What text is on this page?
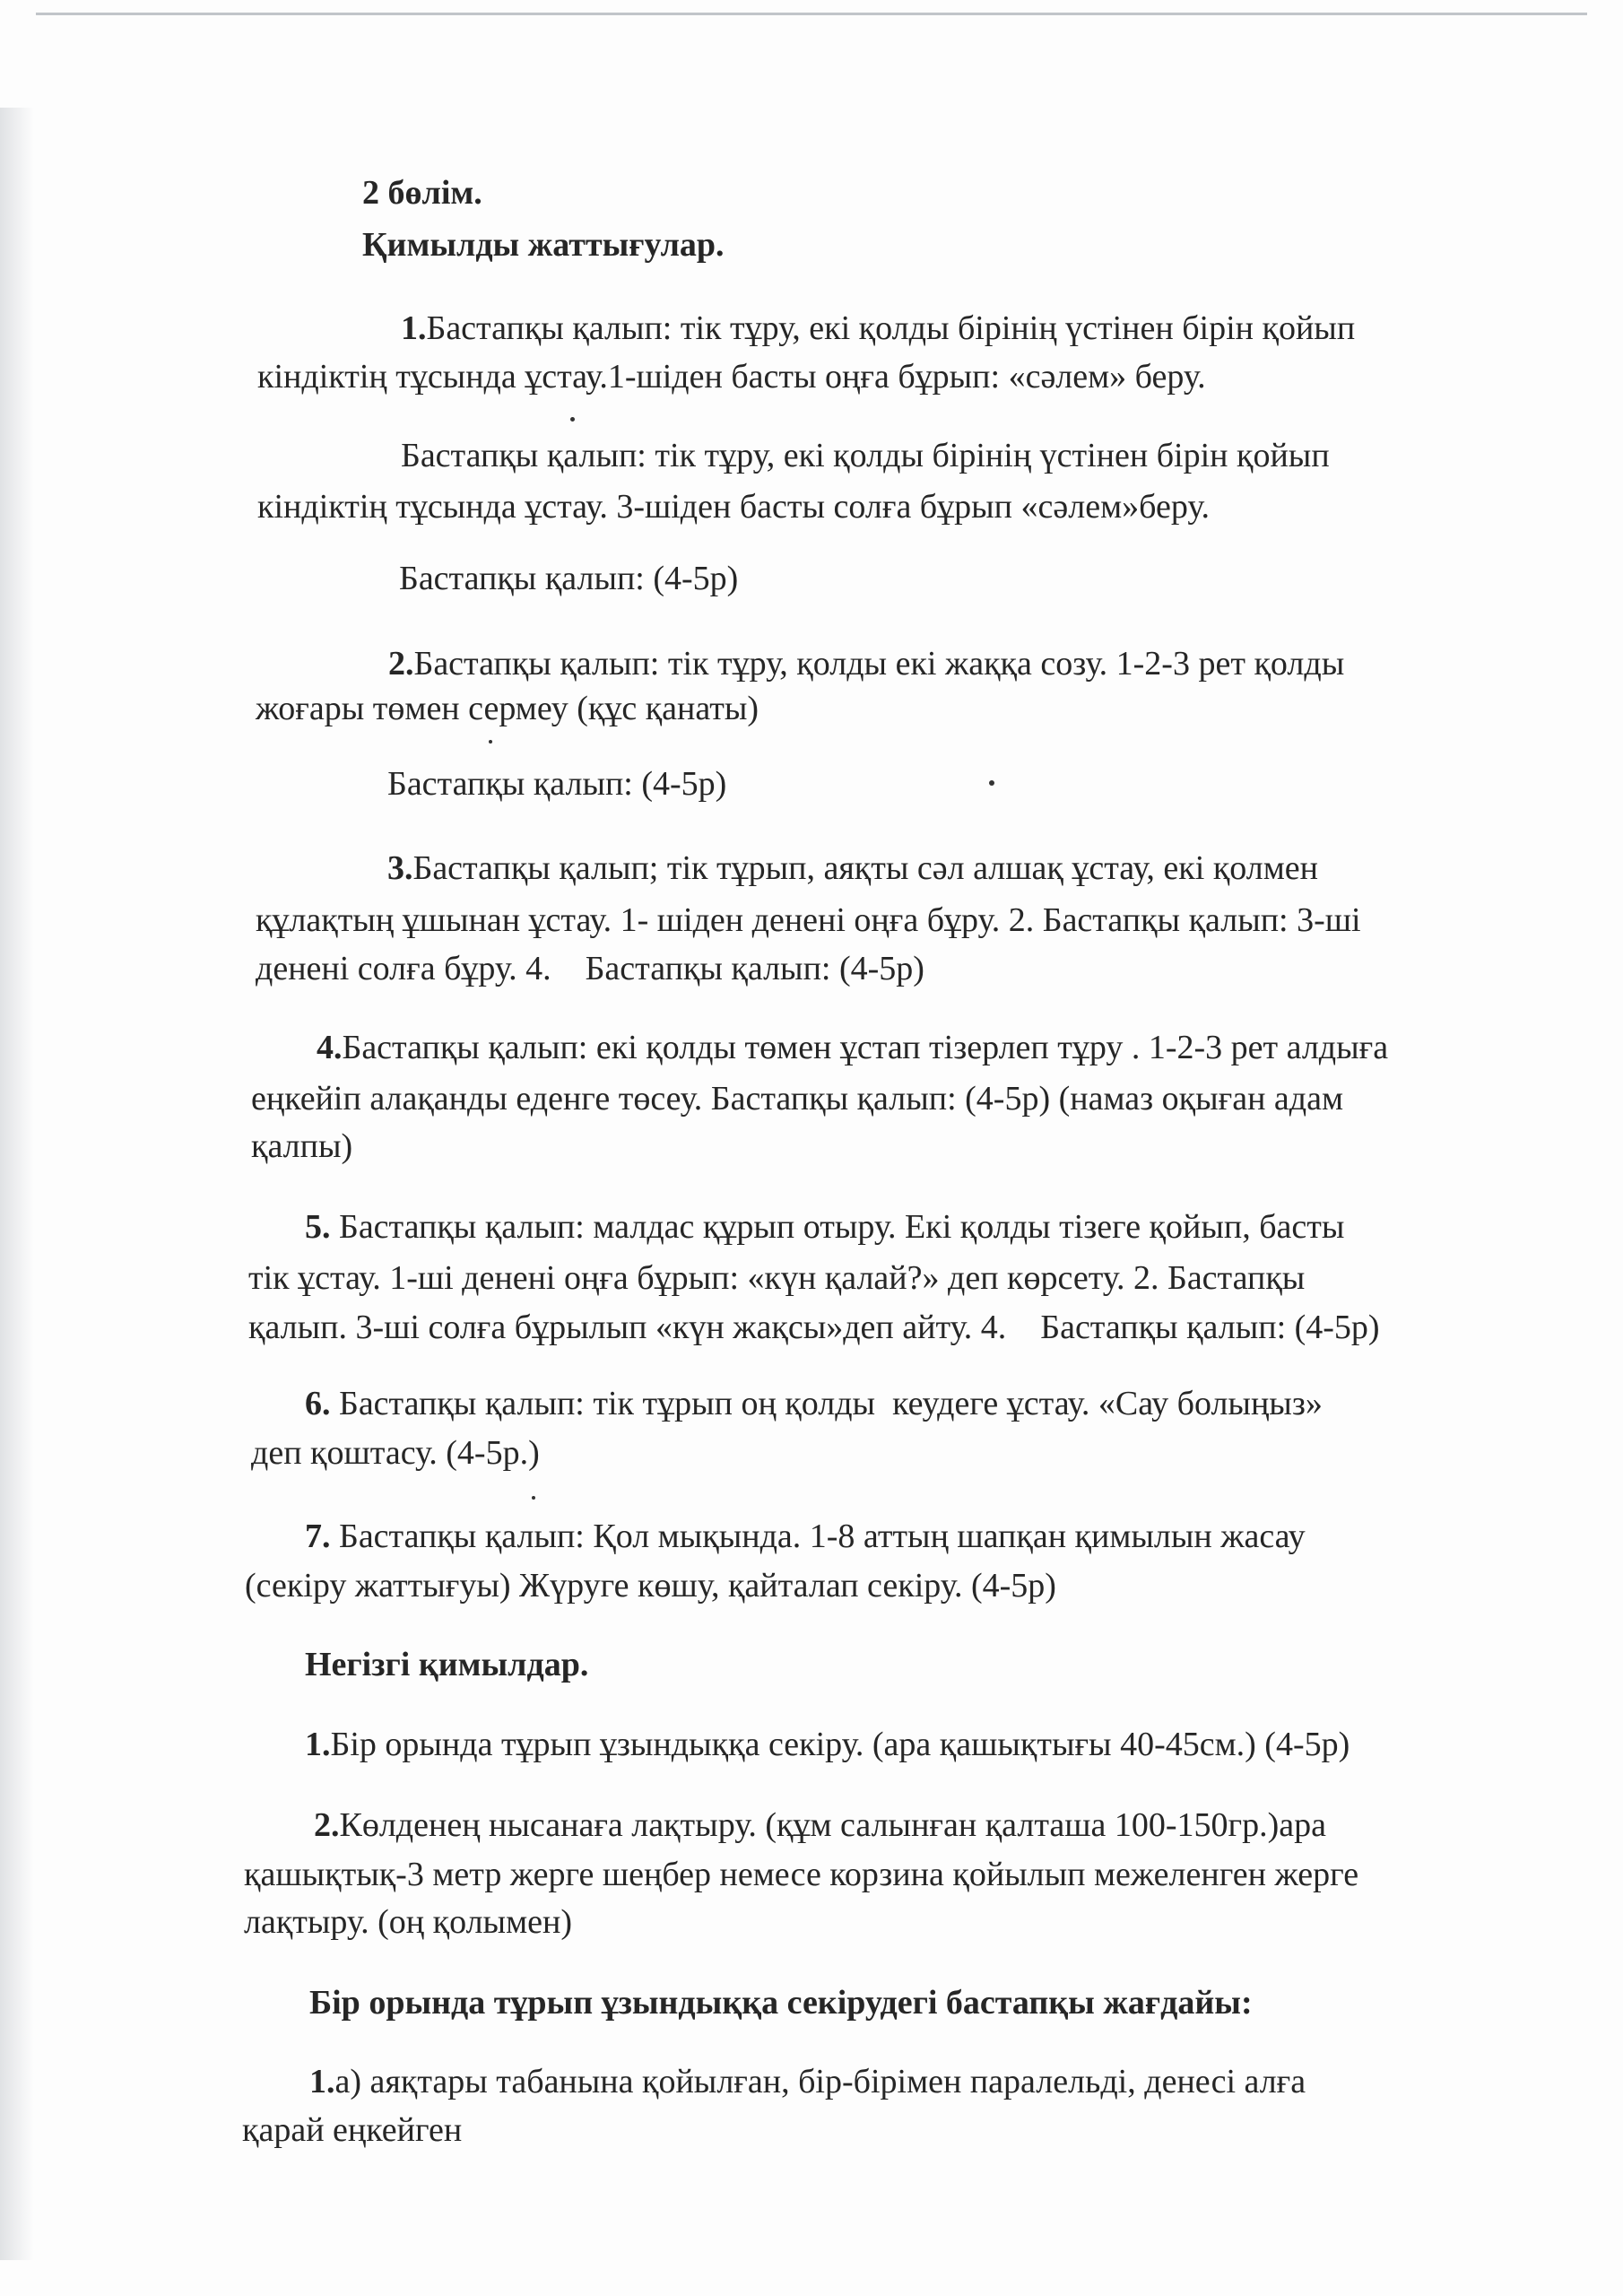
2 бөлім.
Қимылды жаттығулар.
1.Бастапқы қалып: тік тұру, екі қолды бірінің үстінен бірін қойып
кіндіктің тұсында ұстау.1-шіден басты оңға бұрып: «сәлем» беру.
Бастапқы қалып: тік тұру, екі қолды бірінің үстінен бірін қойып
кіндіктің тұсында ұстау. 3-шіден басты солға бұрып «сәлем»беру.
Бастапқы қалып: (4-5р)
2.Бастапқы қалып: тік тұру, қолды екі жаққа созу. 1-2-3 рет қолды
жоғары төмен сермеу (құс қанаты)
Бастапқы қалып: (4-5р)
3.Бастапқы қалып; тік тұрып, аяқты сәл алшақ ұстау, екі қолмен
құлақтың ұшынан ұстау. 1- шіден денені оңға бұру. 2. Бастапқы қалып: 3-ші
денені солға бұру. 4.    Бастапқы қалып: (4-5р)
4.Бастапқы қалып: екі қолды төмен ұстап тізерлеп тұру . 1-2-3 рет алдыға
еңкейіп алақанды еденге төсеу. Бастапқы қалып: (4-5р) (намаз оқыған адам
қалпы)
5. Бастапқы қалып: малдас құрып отыру. Екі қолды тізеге қойып, басты
тік ұстау. 1-ші денені оңға бұрып: «күн қалай?» деп көрсету. 2. Бастапқы
қалып. 3-ші солға бұрылып «күн жақсы»деп айту. 4.    Бастапқы қалып: (4-5р)
6. Бастапқы қалып: тік тұрып оң қолды  кеудеге ұстау. «Сау болыңыз»
деп қоштасу. (4-5р.)
7. Бастапқы қалып: Қол мықында. 1-8 аттың шапқан қимылын жасау
(секіру жаттығуы) Жүруге көшу, қайталап секіру. (4-5р)
Негізгі қимылдар.
1.Бір орында тұрып ұзындыққа секіру. (ара қашықтығы 40-45см.) (4-5р)
2.Көлденең нысанаға лақтыру. (құм салынған қалташа 100-150гр.)ара
қашықтық-3 метр жерге шеңбер немесе корзина қойылып межеленген жерге
лақтыру. (оң қолымен)
Бір орында тұрып ұзындыққа секірудегі бастапқы жағдайы:
1.а) аяқтары табанына қойылған, бір-бірімен паралельді, денесі алға
қарай еңкейген
